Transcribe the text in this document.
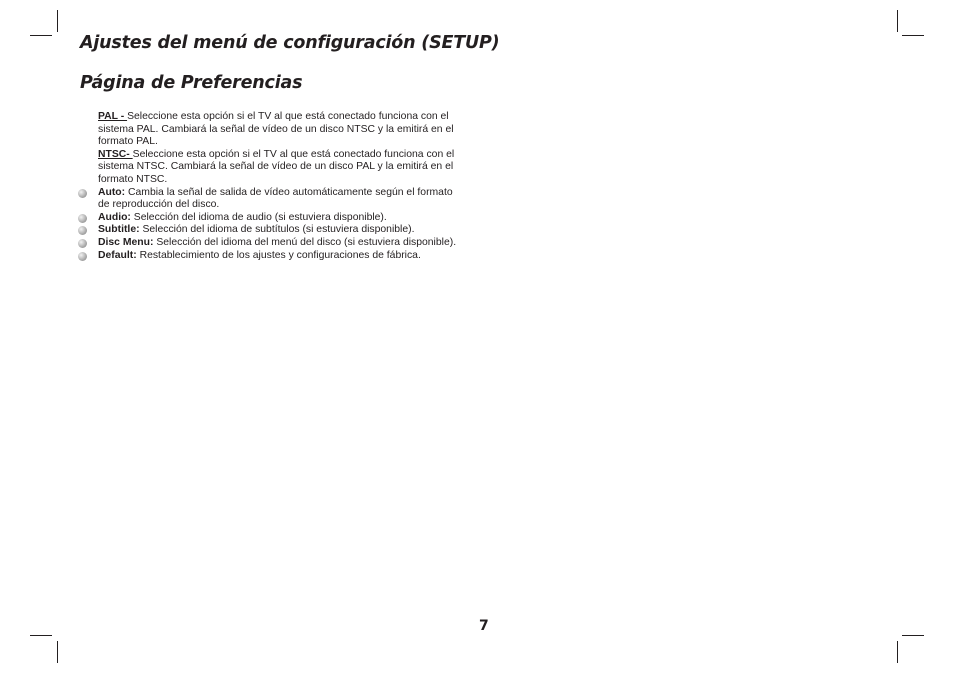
Ajustes del menú de configuración (SETUP)
Página de Preferencias

PAL - Seleccione esta opción si el TV al que está conectado funciona con el sistema PAL. Cambiará la señal de vídeo de un disco NTSC y la emitirá en el formato PAL.

NTSC- Seleccione esta opción si el TV al que está conectado funciona con el sistema NTSC. Cambiará la señal de vídeo de un disco PAL y la emitirá en el formato NTSC.

Auto: Cambia la señal de salida de vídeo automáticamente según el formato de reproducción del disco.

Audio: Selección del idioma de audio (si estuviera disponible).

Subtitle: Selección del idioma de subtítulos (si estuviera disponible).

Disc Menu: Selección del idioma del menú del disco (si estuviera disponible).

Default: Restablecimiento de los ajustes y configuraciones de fábrica.

7
